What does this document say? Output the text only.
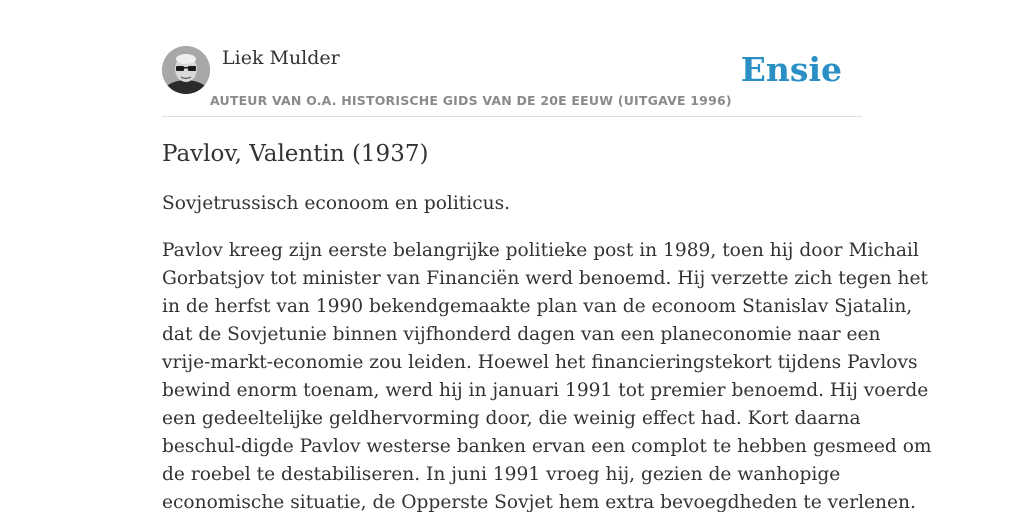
Liek Mulder
AUTEUR VAN O.A. HISTORISCHE GIDS VAN DE 20E EEUW (UITGAVE 1996)
Ensie
Pavlov, Valentin (1937)

Sovjetrussisch econoom en politicus.

Pavlov kreeg zijn eerste belangrijke politieke post in 1989, toen hij door Michail
Gorbatsjov tot minister van Financiën werd benoemd. Hij verzette zich tegen het
in de herfst van 1990 bekendgemaakte plan van de econoom Stanislav Sjatalin,
dat de Sovjetunie binnen vijfhonderd dagen van een planeconomie naar een
vrije-markt-economie zou leiden. Hoewel het financieringstekort tijdens Pavlovs
bewind enorm toenam, werd hij in januari 1991 tot premier benoemd. Hij voerde
een gedeeltelijke geldhervorming door, die weinig effect had. Kort daarna
beschul-digde Pavlov westerse banken ervan een complot te hebben gesmeed om
de roebel te destabiliseren. In juni 1991 vroeg hij, gezien de wanhopige
economische situatie, de Opperste Sovjet hem extra bevoegdheden te verlenen.
